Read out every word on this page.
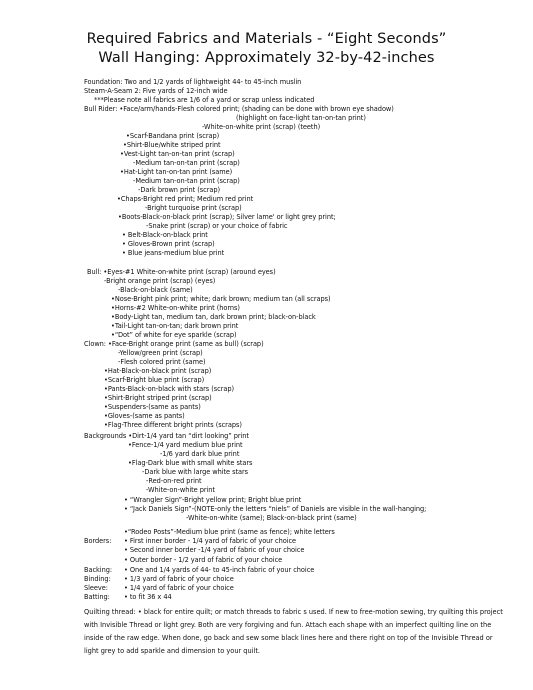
Required Fabrics and Materials - “Eight Seconds”
Wall Hanging: Approximately 32-by-42-inches
Foundation: Two and 1/2 yards of lightweight 44- to 45-inch muslin
Steam-A-Seam 2: Five yards of 12-inch wide
***Please note all fabrics are 1/6 of a yard or scrap unless indicated
Bull Rider: •Face/arm/hands-Flesh colored print; (shading can be done with brown eye shadow)
(highlight on face-light tan-on-tan print)
-White-on-white print (scrap) (teeth)
•Scarf-Bandana print (scrap)
•Shirt-Blue/white striped print
•Vest-Light tan-on-tan print (scrap)
-Medium tan-on-tan print (scrap)
•Hat-Light tan-on-tan print (same)
-Medium tan-on-tan print (scrap)
-Dark brown print (scrap)
•Chaps-Bright red print; Medium red print
-Bright turquoise print (scrap)
•Boots-Black-on-black print (scrap); Silver lame' or light grey print;
-Snake print (scrap) or your choice of fabric
• Belt-Black-on-black print
• Gloves-Brown print (scrap)
• Blue jeans-medium blue print
Bull: •Eyes-#1 White-on-white print (scrap) (around eyes)
-Bright orange print (scrap) (eyes)
-Black-on-black (same)
•Nose-Bright pink print; white; dark brown; medium tan (all scraps)
•Horns-#2 White-on-white print (horns)
•Body-Light tan, medium tan, dark brown print; black-on-black
•Tail-Light tan-on-tan; dark brown print
•“Dot” of white for eye sparkle (scrap)
Clown: •Face-Bright orange print (same as bull) (scrap)
-Yellow/green print (scrap)
-Flesh colored print (same)
•Hat-Black-on-black print (scrap)
•Scarf-Bright blue print (scrap)
•Pants-Black-on-black with stars (scrap)
•Shirt-Bright striped print (scrap)
•Suspenders-(same as pants)
•Gloves-(same as pants)
•Flag-Three different bright prints (scraps)
Backgrounds •Dirt-1/4 yard tan “dirt looking” print
•Fence-1/4 yard medium blue print
-1/6 yard dark blue print
•Flag-Dark blue with small white stars
-Dark blue with large white stars
-Red-on-red print
-White-on-white print
• “Wrangler Sign”-Bright yellow print; Bright blue print
• “Jack Daniels Sign”-(NOTE-only the letters “niels” of Daniels are visible in the wall-hanging;
-White-on-white (same); Black-on-black print (same)
•“Rodeo Posts”-Medium blue print (same as fence); white letters
Borders: • First inner border - 1/4 yard of fabric of your choice
• Second inner border -1/4 yard of fabric of your choice
• Outer border - 1/2 yard of fabric of your choice
Backing: • One and 1/4 yards of 44- to 45-inch fabric of your choice
Binding: • 1/3 yard of fabric of your choice
Sleeve: • 1/4 yard of fabric of your choice
Batting: • to fit 36 x 44
Quilting thread: • black for entire quilt; or match threads to fabric s used. If new to free-motion sewing, try quilting this project with Invisible Thread or light grey. Both are very forgiving and fun. Attach each shape with an imperfect quilting line on the inside of the raw edge. When done, go back and sew some black lines here and there right on top of the Invisible Thread or light grey to add sparkle and dimension to your quilt.
